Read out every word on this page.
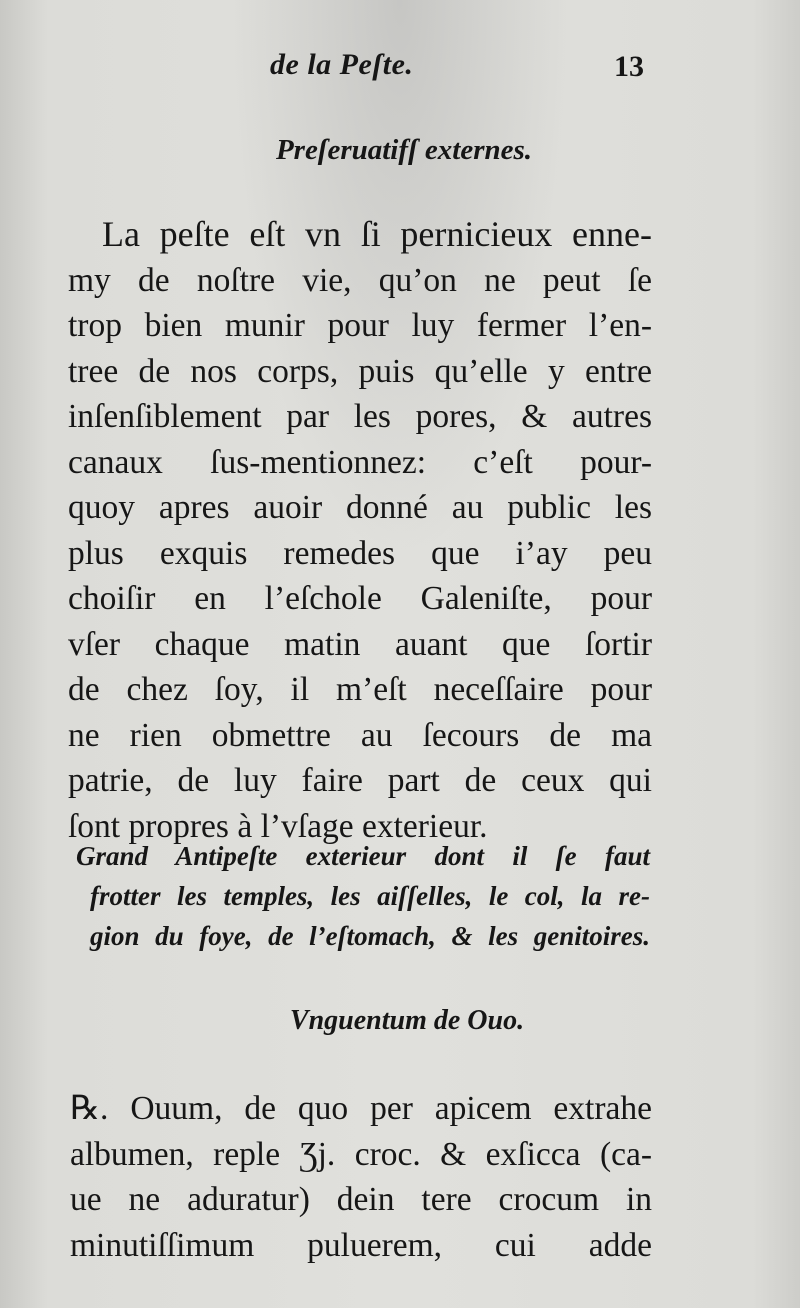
de la Peſte.	13
Preſeruatifſ externes.
La peſte eſt vn ſi pernicieux enne-
my de noſtre vie, qu’on ne peut ſe
trop bien munir pour luy fermer l’en-
tree de nos corps, puis qu’elle y entre
inſenſiblement par les pores, & autres
canaux ſus-mentionnez: c’eſt pour-
quoy apres auoir donné au public les
plus exquis remedes que i’ay peu
choiſir en l’eſchole Galeniſte, pour
vſer chaque matin auant que ſortir
de chez ſoy, il m’eſt neceſſaire pour
ne rien obmettre au ſecours de ma
patrie, de luy faire part de ceux qui
ſont propres à l’vſage exterieur.
Grand Antipeſte exterieur dont il ſe faut
frotter les temples, les aiſſelles, le col, la re-
gion du foye, de l’eſtomach, & les genitoires.
Vnguentum de Ouo.
℞. Ouum, de quo per apicem extrahe
albumen, reple Ʒj. croc. & exſicca (ca-
ue ne aduratur) dein tere crocum in
minutiſſimum puluerem, cui adde
